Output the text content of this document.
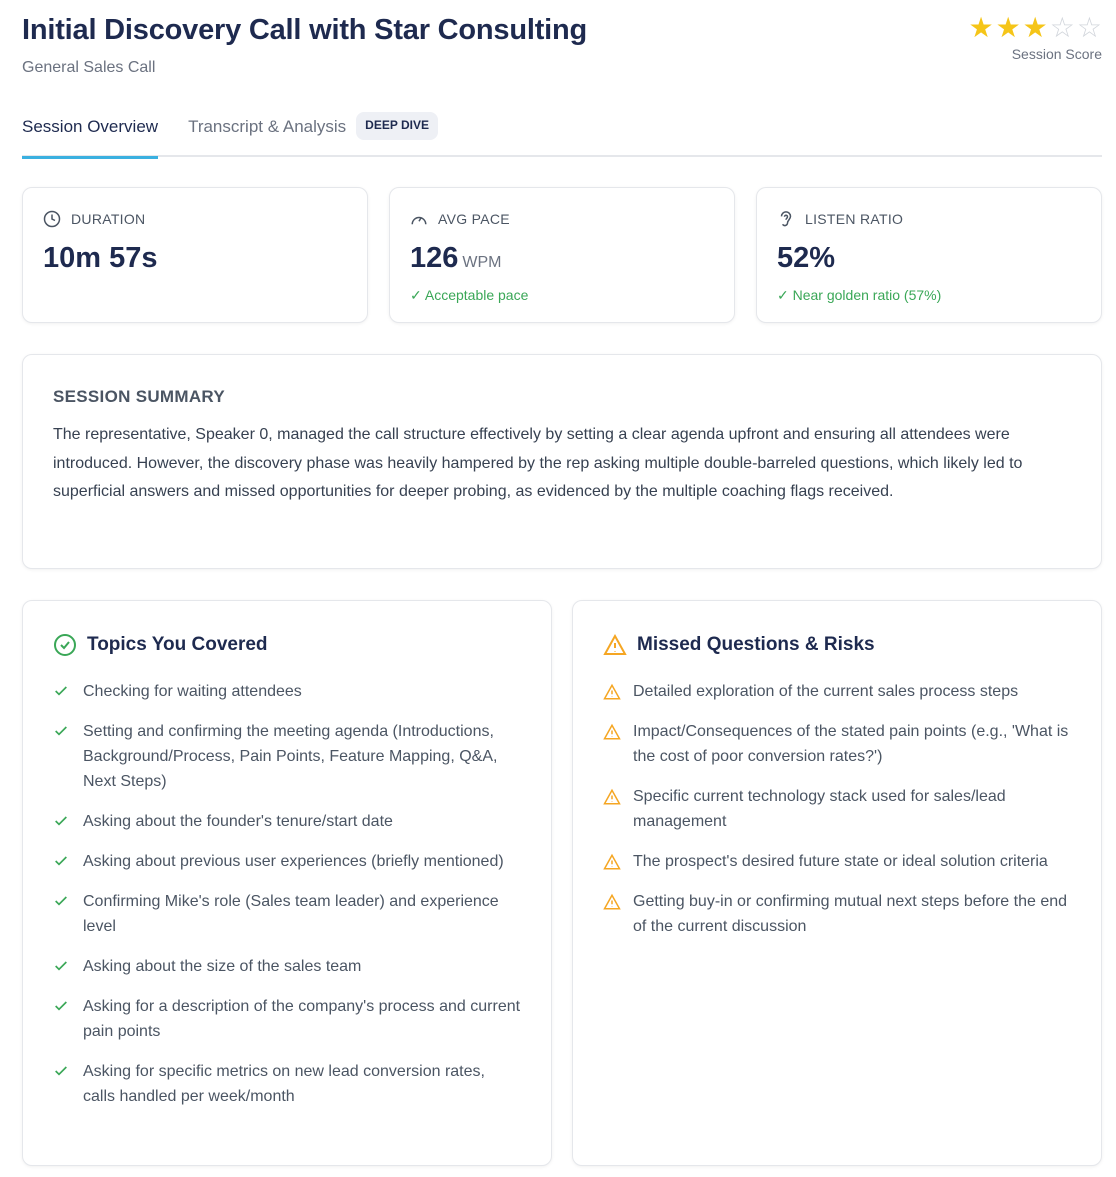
Initial Discovery Call with Star Consulting
General Sales Call
★ ★ ★ ☆ ☆
Session Score
Session Overview Transcript & Analysis	DEEP DIVE
DURATION
10m 57s
AVG PACE
126 WPM
✓ Acceptable pace
LISTEN RATIO
52%
✓ Near golden ratio (57%)
SESSION SUMMARY

The representative, Speaker 0, managed the call structure effectively by setting a clear agenda upfront and ensuring all attendees were introduced. However, the discovery phase was heavily hampered by the rep asking multiple double-barreled questions, which likely led to superficial answers and missed opportunities for deeper probing, as evidenced by the multiple coaching flags received.

Topics You Covered
Checking for waiting attendees
Setting and confirming the meeting agenda (Introductions, Background/Process, Pain Points, Feature Mapping, Q&A, Next Steps)
Asking about the founder's tenure/start date
Asking about previous user experiences (briefly mentioned)
Confirming Mike's role (Sales team leader) and experience level
Asking about the size of the sales team
Asking for a description of the company's process and current pain points
Asking for specific metrics on new lead conversion rates, calls handled per week/month
Missed Questions & Risks
Detailed exploration of the current sales process steps
Impact/Consequences of the stated pain points (e.g., 'What is the cost of poor conversion rates?')
Specific current technology stack used for sales/lead management
The prospect's desired future state or ideal solution criteria
Getting buy-in or confirming mutual next steps before the end of the current discussion
